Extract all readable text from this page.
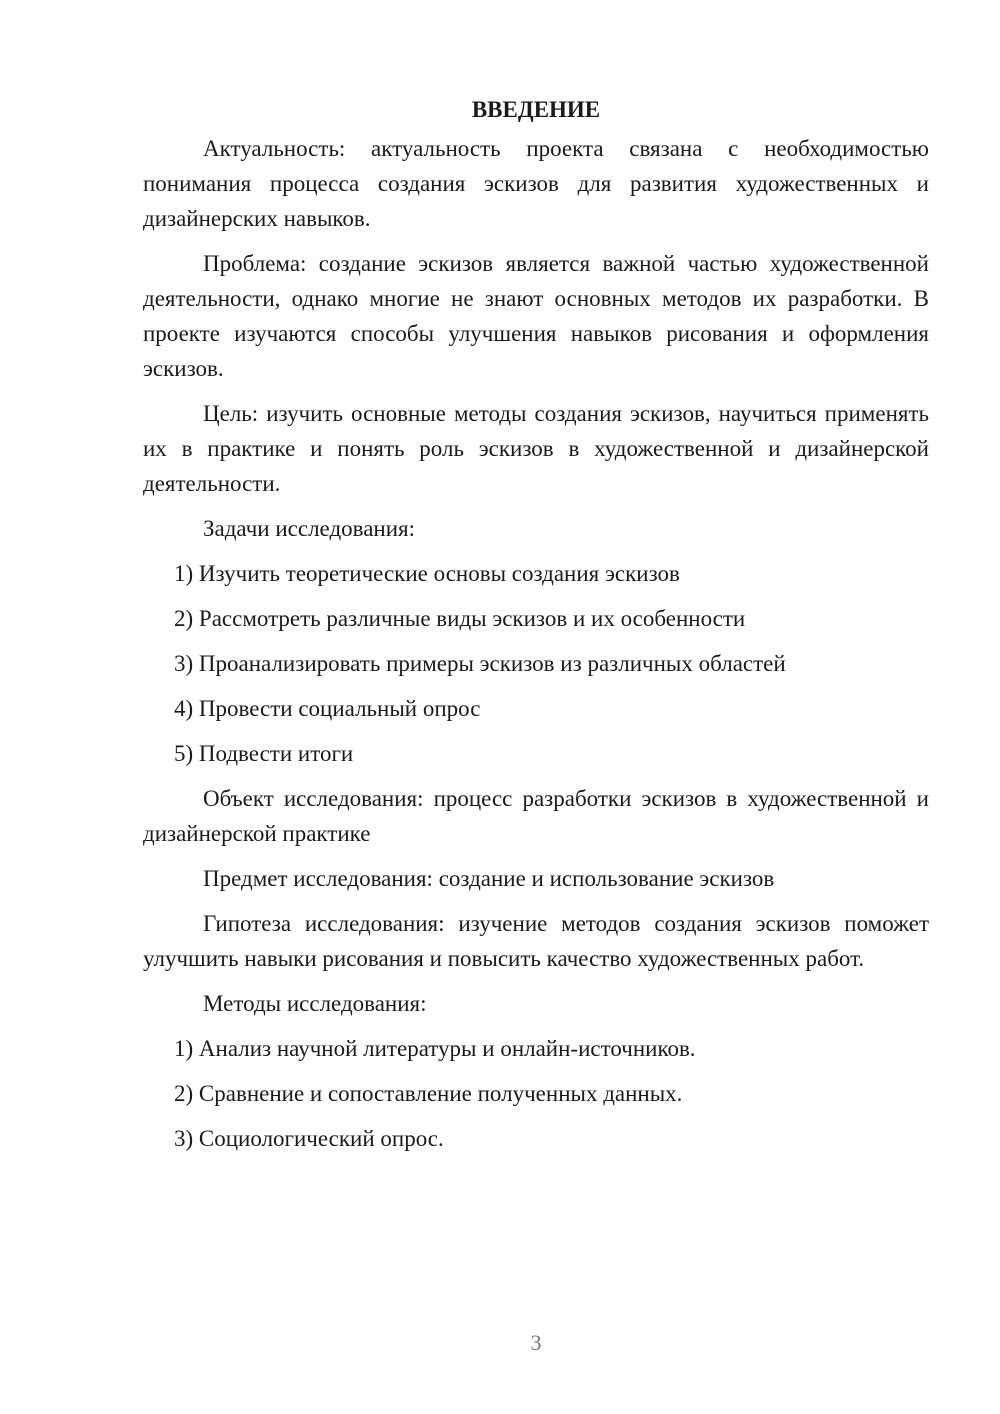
ВВЕДЕНИЕ

Актуальность: актуальность проекта связана с необходимостью понимания процесса создания эскизов для развития художественных и дизайнерских навыков.

Проблема: создание эскизов является важной частью художественной деятельности, однако многие не знают основных методов их разработки. В проекте изучаются способы улучшения навыков рисования и оформления эскизов.

Цель: изучить основные методы создания эскизов, научиться применять их в практике и понять роль эскизов в художественной и дизайнерской деятельности.

Задачи исследования:

1) Изучить теоретические основы создания эскизов
2) Рассмотреть различные виды эскизов и их особенности
3) Проанализировать примеры эскизов из различных областей
4) Провести социальный опрос
5) Подвести итоги

Объект исследования: процесс разработки эскизов в художественной и дизайнерской практике

Предмет исследования: создание и использование эскизов

Гипотеза исследования: изучение методов создания эскизов поможет улучшить навыки рисования и повысить качество художественных работ.

Методы исследования:

1) Анализ научной литературы и онлайн-источников.
2) Сравнение и сопоставление полученных данных.
3) Социологический опрос.
3
